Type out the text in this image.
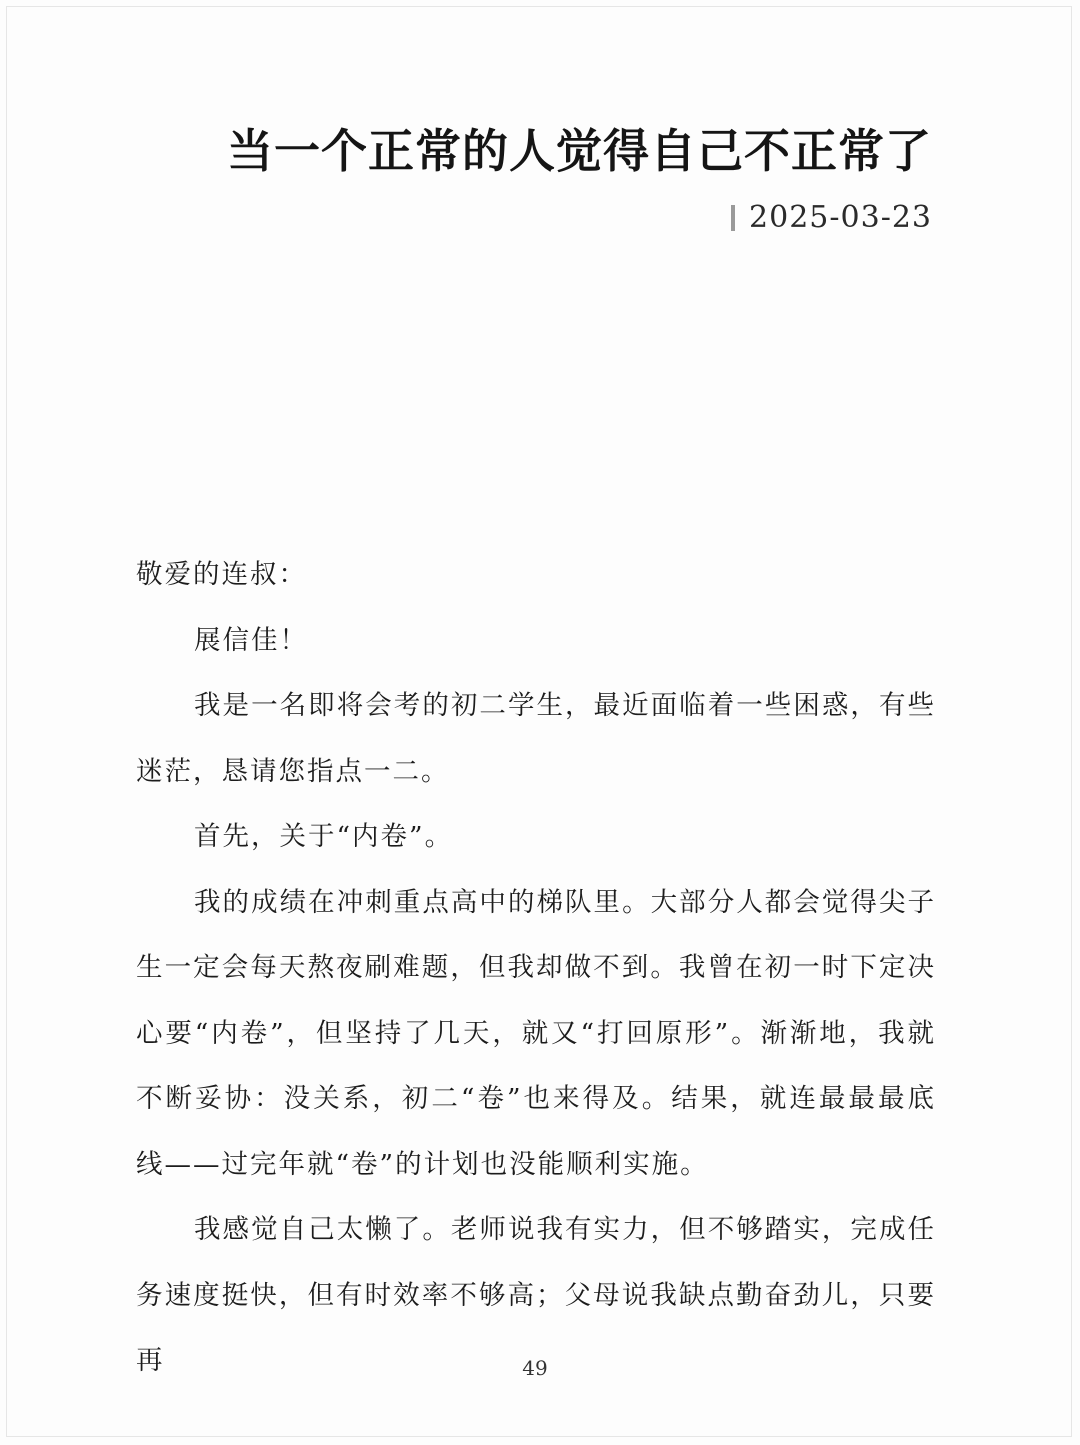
当一个正常的人觉得自己不正常了
2025-03-23

敬爱的连叔：

展信佳！

我是一名即将会考的初二学生，最近面临着一些困惑，有些迷茫，恳请您指点一二。

首先，关于“内卷”。

我的成绩在冲刺重点高中的梯队里。大部分人都会觉得尖子生一定会每天熬夜刷难题，但我却做不到。我曾在初一时下定决心要“内卷”，但坚持了几天，就又“打回原形”。渐渐地，我就不断妥协：没关系，初二“卷”也来得及。结果，就连最最最底线——过完年就“卷”的计划也没能顺利实施。

我感觉自己太懒了。老师说我有实力，但不够踏实，完成任务速度挺快，但有时效率不够高；父母说我缺点勤奋劲儿，只要再	49
